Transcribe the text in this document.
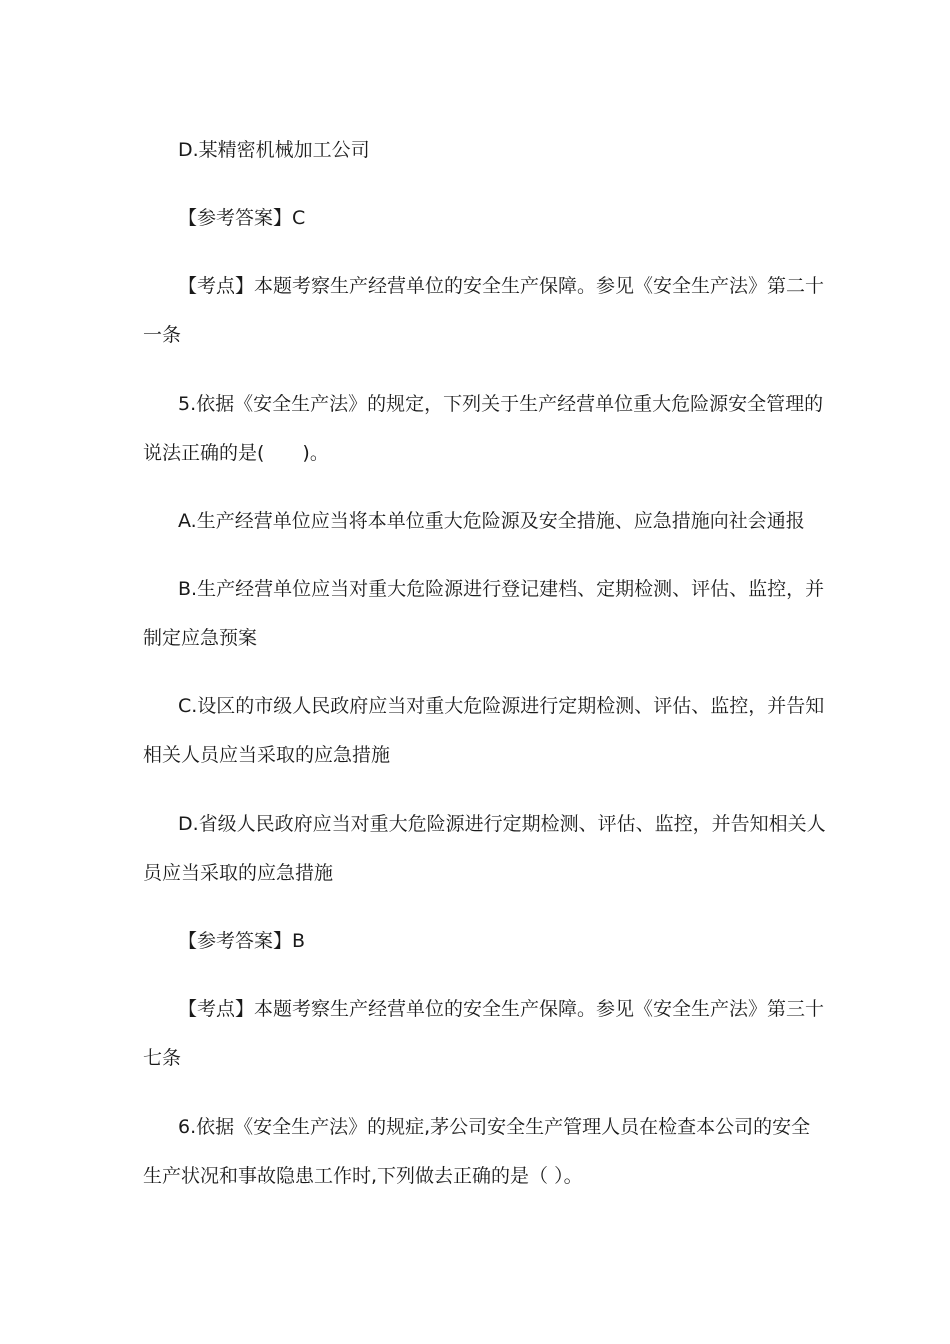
D.某精密机械加工公司
【参考答案】C
【考点】本题考察生产经营单位的安全生产保障。参见《安全生产法》第二十
一条
5.依据《安全生产法》的规定，下列关于生产经营单位重大危险源安全管理的
说法正确的是(　　)。
A.生产经营单位应当将本单位重大危险源及安全措施、应急措施向社会通报
B.生产经营单位应当对重大危险源进行登记建档、定期检测、评估、监控，并
制定应急预案
C.设区的市级人民政府应当对重大危险源进行定期检测、评估、监控，并告知
相关人员应当采取的应急措施
D.省级人民政府应当对重大危险源进行定期检测、评估、监控，并告知相关人
员应当采取的应急措施
【参考答案】B
【考点】本题考察生产经营单位的安全生产保障。参见《安全生产法》第三十
七条
6.依据《安全生产法》的规症,茅公司安全生产管理人员在检查本公司的安全
生产状况和事故隐患工作时,下列做去正确的是（ ）。
